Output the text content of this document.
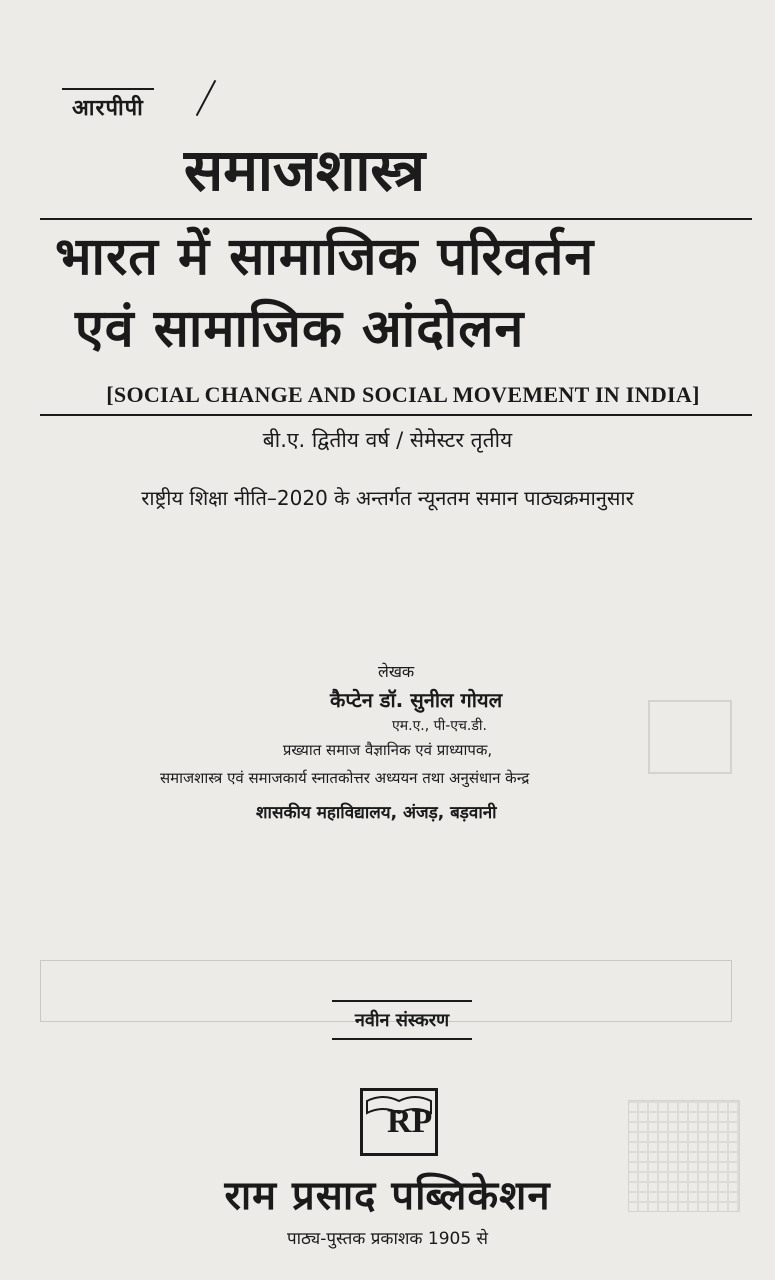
आरपीपी
समाजशास्त्र
भारत में सामाजिक परिवर्तन
एवं सामाजिक आंदोलन
[SOCIAL CHANGE AND SOCIAL MOVEMENT IN INDIA]
बी.ए. द्वितीय वर्ष / सेमेस्टर तृतीय
राष्ट्रीय शिक्षा नीति–2020 के अन्तर्गत न्यूनतम समान पाठ्यक्रमानुसार
लेखक
कैप्टेन डॉ. सुनील गोयल
एम.ए., पी-एच.डी.
प्रख्यात समाज वैज्ञानिक एवं प्राध्यापक,
समाजशास्त्र एवं समाजकार्य स्नातकोत्तर अध्ययन तथा अनुसंधान केन्द्र
शासकीय महाविद्यालय, अंजड़, बड़वानी
नवीन संस्करण
RP
राम प्रसाद पब्लिकेशन
पाठ्य-पुस्तक प्रकाशक 1905 से
